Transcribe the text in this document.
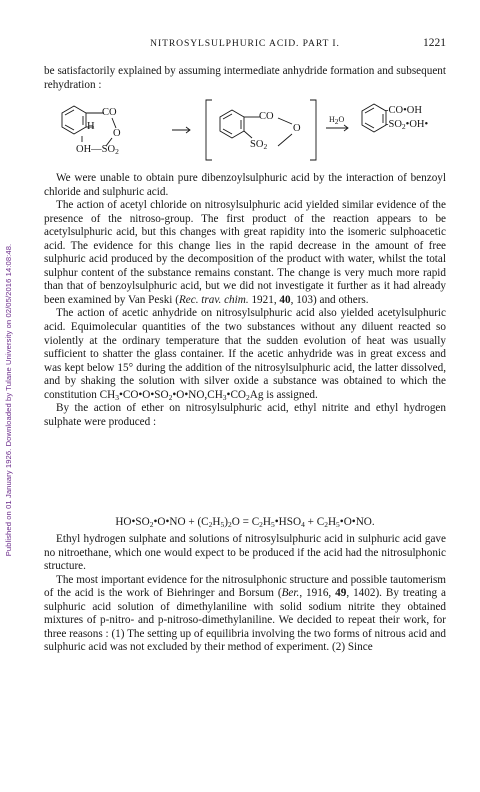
Published on 01 January 1926. Downloaded by Tulane University on 02/05/2016 14:08:48.
NITROSYLSULPHURIC ACID. PART I.	1221

be satisfactorily explained by assuming intermediate anhydride formation and subsequent rehydration :

CO
H
O
$OH—SO_2$
CO
O
$SO_2$
$H_2O$
-CO•OH
$-SO_2•OH•$

We were unable to obtain pure dibenzoylsulphuric acid by the interaction of benzoyl chloride and sulphuric acid.

The action of acetyl chloride on nitrosylsulphuric acid yielded similar evidence of the presence of the nitroso-group. The first product of the reaction appears to be acetylsulphuric acid, but this changes with great rapidity into the isomeric sulphoacetic acid. The evidence for this change lies in the rapid decrease in the amount of free sulphuric acid produced by the decomposition of the product with water, whilst the total sulphur content of the substance remains constant. The change is very much more rapid than that of benzoylsulphuric acid, but we did not investigate it further as it had already been examined by Van Peski (Rec. trav. chim. 1921, 40, 103) and others.

The action of acetic anhydride on nitrosylsulphuric acid also yielded acetylsulphuric acid. Equimolecular quantities of the two substances without any diluent reacted so violently at the ordinary temperature that the sudden evolution of heat was usually sufficient to shatter the glass container. If the acetic anhydride was in great excess and was kept below 15° during the addition of the nitrosylsulphuric acid, the latter dissolved, and by shaking the solution with silver oxide a substance was obtained to which the constitution $CH_3•CO•O•SO_2•O•NO,CH_3•CO_2Ag$ is assigned.

By the action of ether on nitrosylsulphuric acid, ethyl nitrite and ethyl hydrogen sulphate were produced :

$HO•SO_2•O•NO + (C_2H_5)_2O$ = $C_2H_5•HSO_4$ + $C_2H_5•O•NO$.

Ethyl hydrogen sulphate and solutions of nitrosylsulphuric acid in sulphuric acid gave no nitroethane, which one would expect to be produced if the acid had the nitrosulphonic structure.

The most important evidence for the nitrosulphonic structure and possible tautomerism of the acid is the work of Biehringer and Borsum (Ber., 1916, 49, 1402). By treating a sulphuric acid solution of dimethylaniline with solid sodium nitrite they obtained mixtures of p-nitro- and p-nitroso-dimethylaniline. We decided to repeat their work, for three reasons : (1) The setting up of equilibria involving the two forms of nitrous acid and sulphuric acid was not excluded by their method of experiment. (2) Since
